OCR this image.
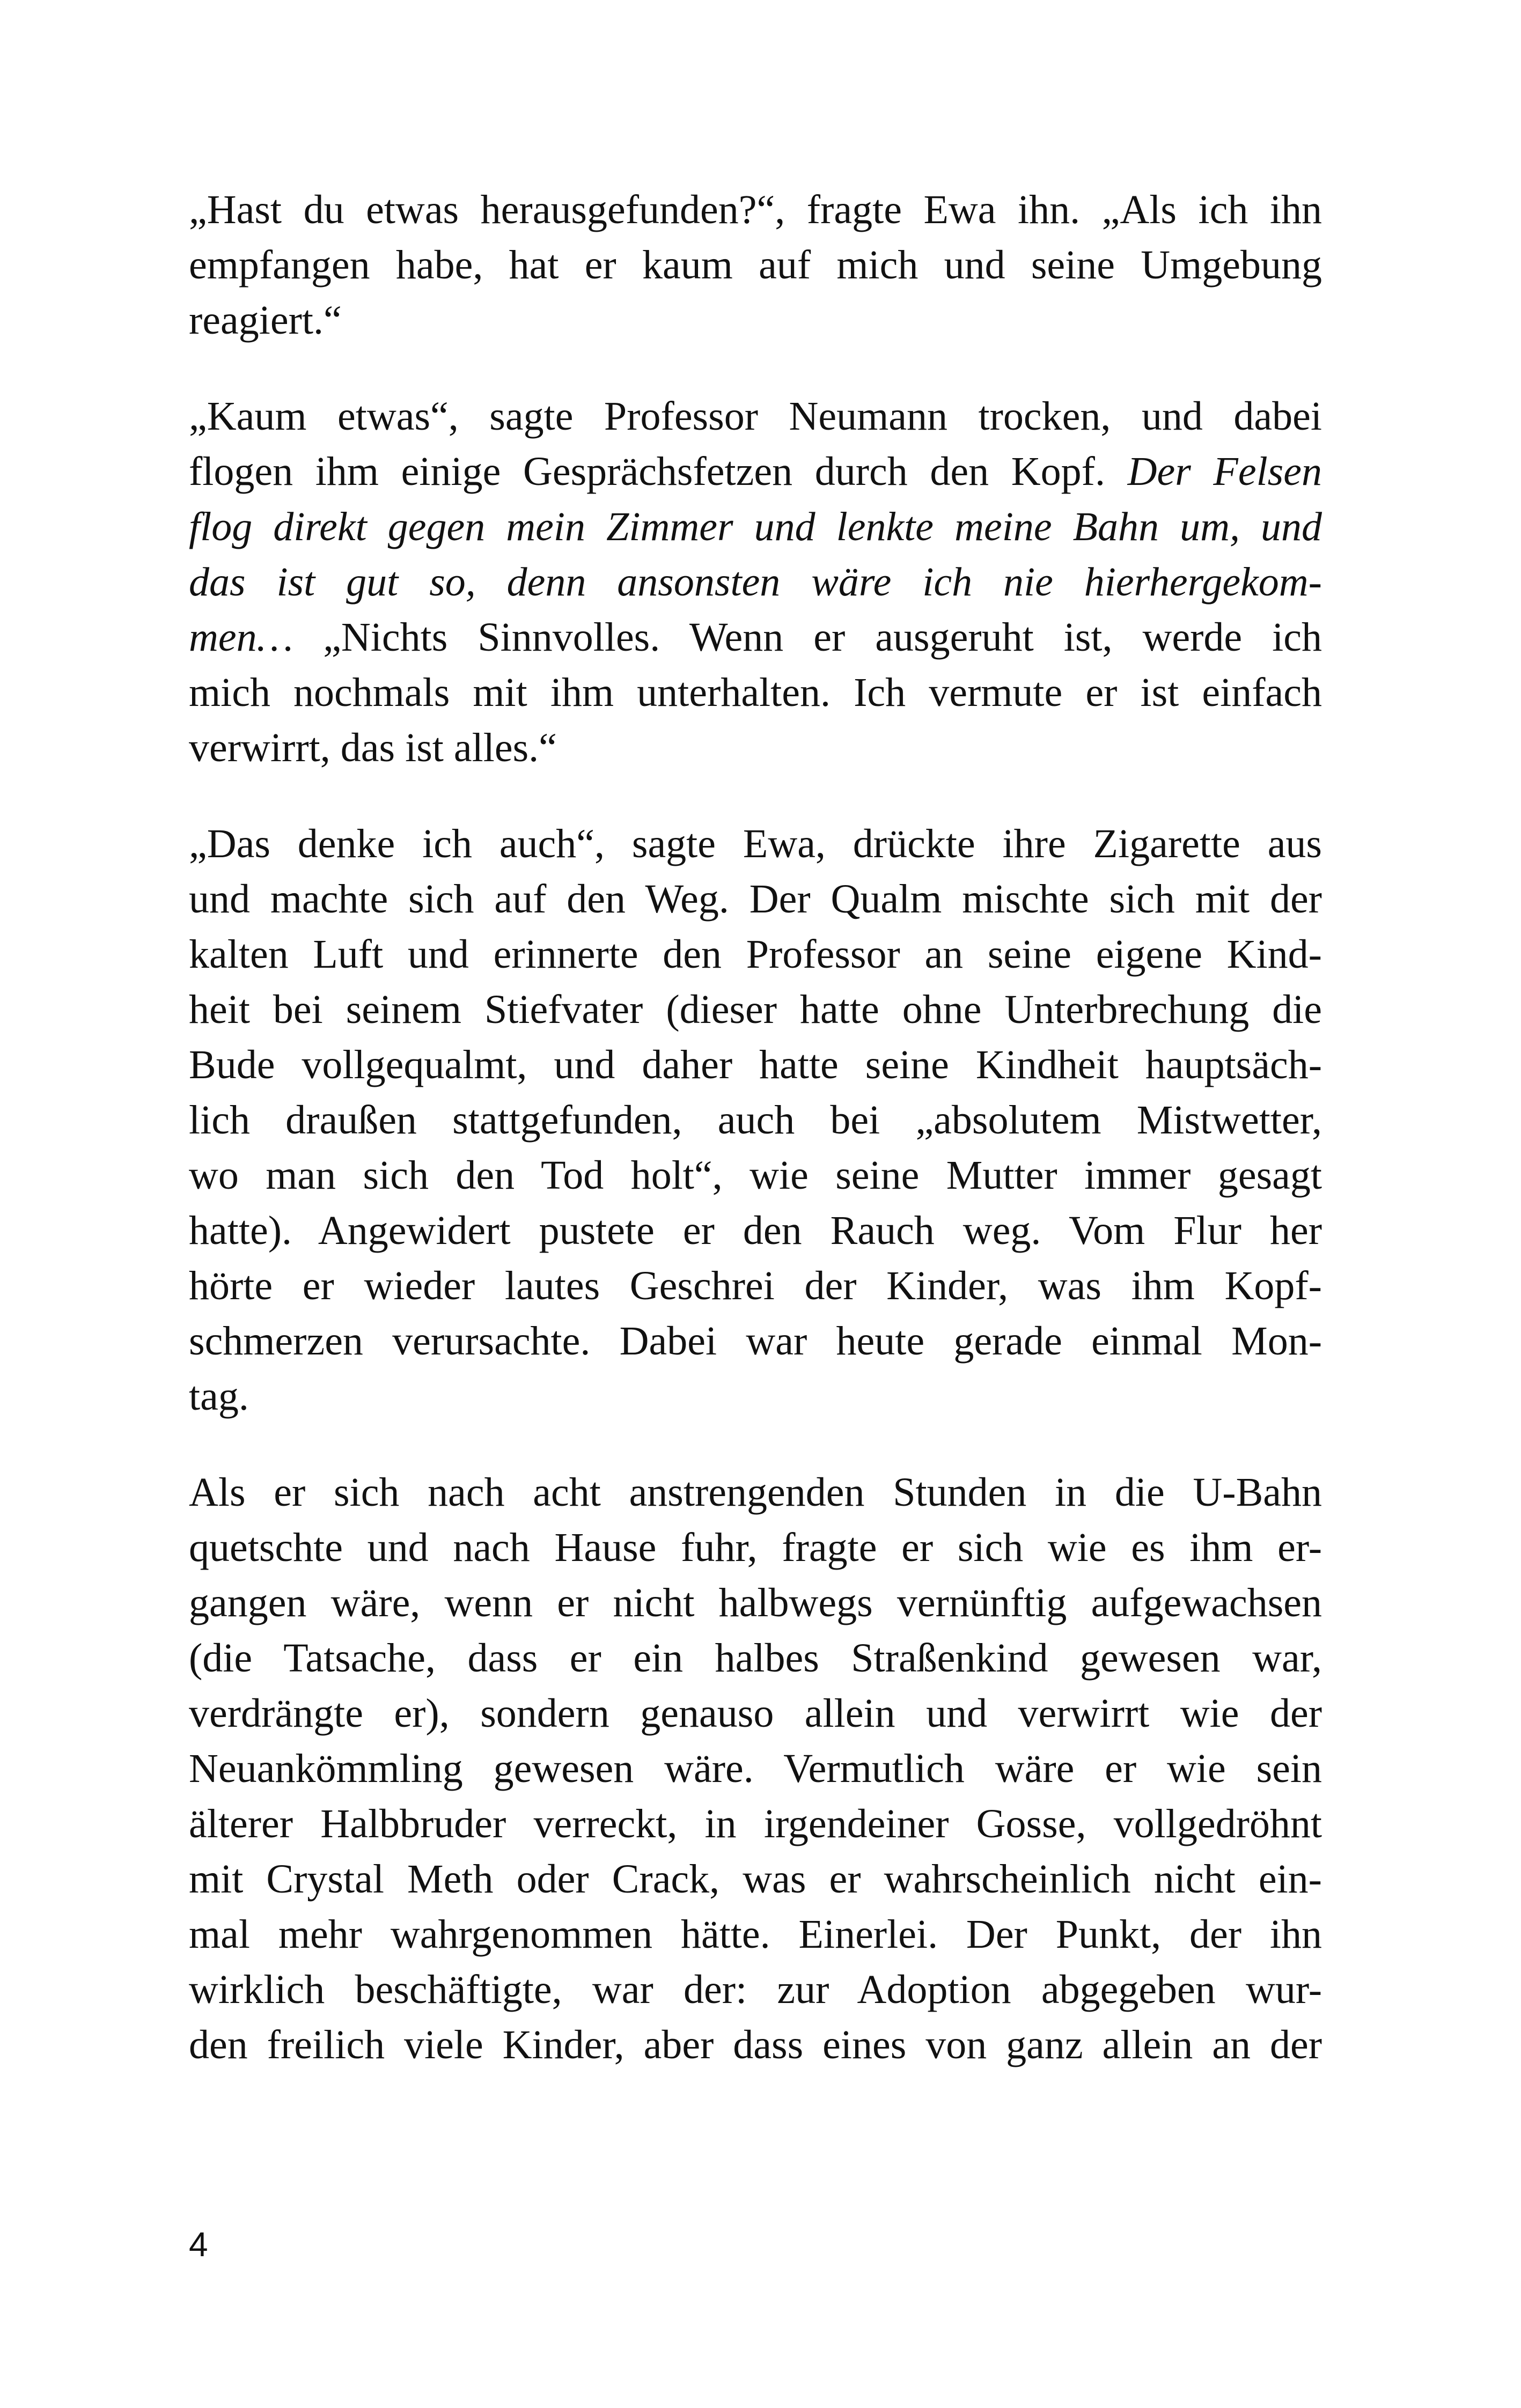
„Hast du etwas herausgefunden?“, fragte Ewa ihn. „Als ich ihn
empfangen habe, hat er kaum auf mich und seine Umgebung
reagiert.“

„Kaum etwas“, sagte Professor Neumann trocken, und dabei
flogen ihm einige Gesprächsfetzen durch den Kopf. Der Felsen
flog direkt gegen mein Zimmer und lenkte meine Bahn um, und
das ist gut so, denn ansonsten wäre ich nie hierhergekom-
men… „Nichts Sinnvolles. Wenn er ausgeruht ist, werde ich
mich nochmals mit ihm unterhalten. Ich vermute er ist einfach
verwirrt, das ist alles.“

„Das denke ich auch“, sagte Ewa, drückte ihre Zigarette aus
und machte sich auf den Weg. Der Qualm mischte sich mit der
kalten Luft und erinnerte den Professor an seine eigene Kind-
heit bei seinem Stiefvater (dieser hatte ohne Unterbrechung die
Bude vollgequalmt, und daher hatte seine Kindheit hauptsäch-
lich draußen stattgefunden, auch bei „absolutem Mistwetter,
wo man sich den Tod holt“, wie seine Mutter immer gesagt
hatte). Angewidert pustete er den Rauch weg. Vom Flur her
hörte er wieder lautes Geschrei der Kinder, was ihm Kopf-
schmerzen verursachte. Dabei war heute gerade einmal Mon-
tag.

Als er sich nach acht anstrengenden Stunden in die U-Bahn
quetschte und nach Hause fuhr, fragte er sich wie es ihm er-
gangen wäre, wenn er nicht halbwegs vernünftig aufgewachsen
(die Tatsache, dass er ein halbes Straßenkind gewesen war,
verdrängte er), sondern genauso allein und verwirrt wie der
Neuankömmling gewesen wäre. Vermutlich wäre er wie sein
älterer Halbbruder verreckt, in irgendeiner Gosse, vollgedröhnt
mit Crystal Meth oder Crack, was er wahrscheinlich nicht ein-
mal mehr wahrgenommen hätte. Einerlei. Der Punkt, der ihn
wirklich beschäftigte, war der: zur Adoption abgegeben wur-
den freilich viele Kinder, aber dass eines von ganz allein an der

4
